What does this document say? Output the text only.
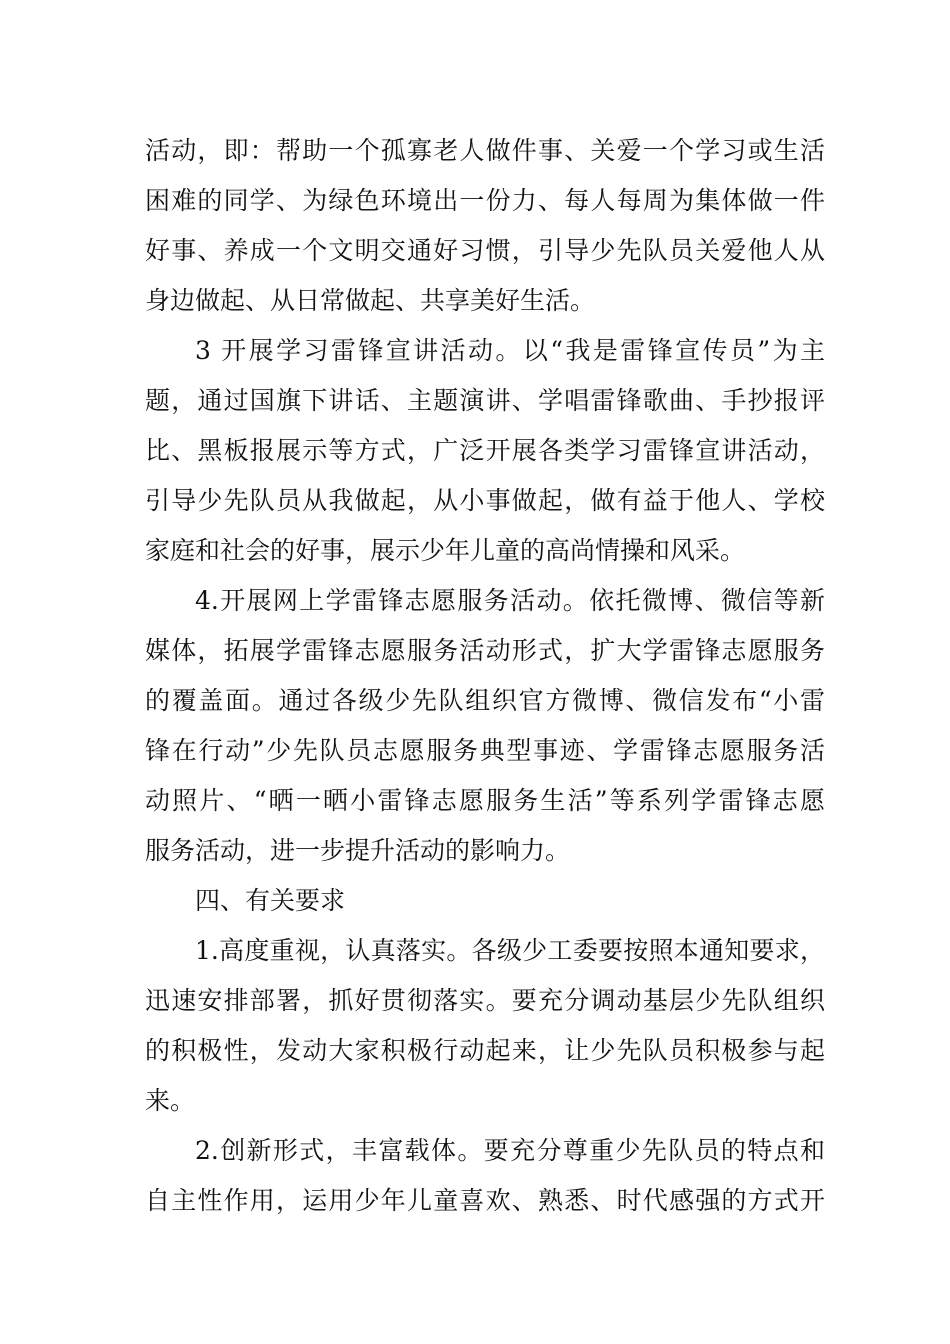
活动，即：帮助一个孤寡老人做件事、关爱一个学习或生活
困难的同学、为绿色环境出一份力、每人每周为集体做一件
好事、养成一个文明交通好习惯，引导少先队员关爱他人从
身边做起、从日常做起、共享美好生活。
3 开展学习雷锋宣讲活动。以“我是雷锋宣传员”为主
题，通过国旗下讲话、主题演讲、学唱雷锋歌曲、手抄报评
比、黑板报展示等方式，广泛开展各类学习雷锋宣讲活动，
引导少先队员从我做起，从小事做起，做有益于他人、学校
家庭和社会的好事，展示少年儿童的高尚情操和风采。
4.开展网上学雷锋志愿服务活动。依托微博、微信等新
媒体，拓展学雷锋志愿服务活动形式，扩大学雷锋志愿服务
的覆盖面。通过各级少先队组织官方微博、微信发布“小雷
锋在行动”少先队员志愿服务典型事迹、学雷锋志愿服务活
动照片、“晒一晒小雷锋志愿服务生活”等系列学雷锋志愿
服务活动，进一步提升活动的影响力。
四、有关要求
1.高度重视，认真落实。各级少工委要按照本通知要求，
迅速安排部署，抓好贯彻落实。要充分调动基层少先队组织
的积极性，发动大家积极行动起来，让少先队员积极参与起
来。
2.创新形式，丰富载体。要充分尊重少先队员的特点和
自主性作用，运用少年儿童喜欢、熟悉、时代感强的方式开
